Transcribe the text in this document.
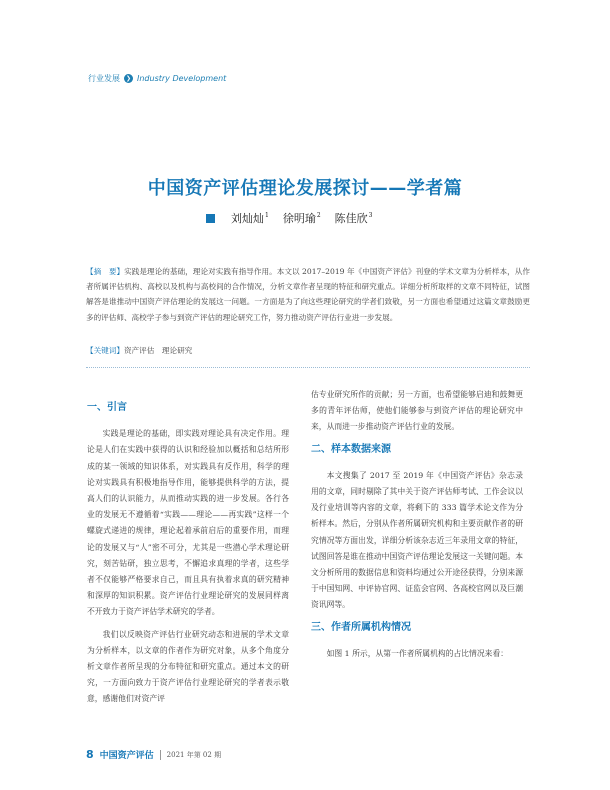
行业发展 ❯ Industry Development
中国资产评估理论发展探讨——学者篇
刘灿灿$^1$ 徐明瑜$^2$ 陈佳欣$^3$
【摘　要】实践是理论的基础，理论对实践有指导作用。本文以 2017–2019 年《中国资产评估》刊登的学术文章为分析样本，从作者所属评估机构、高校以及机构与高校间的合作情况，分析文章作者呈现的特征和研究重点。详细分析所取样的文章不同特征，试图解答是谁推动中国资产评估理论的发展这一问题。一方面是为了向这些理论研究的学者们致敬，另一方面也希望通过这篇文章鼓励更多的评估师、高校学子参与到资产评估的理论研究工作，努力推动资产评估行业进一步发展。
【关键词】资产评估　理论研究
一、引言

实践是理论的基础，即实践对理论具有决定作用。理论是人们在实践中获得的认识和经验加以概括和总结所形成的某一领域的知识体系，对实践具有反作用，科学的理论对实践具有积极地指导作用，能够提供科学的方法，提高人们的认识能力，从而推动实践的进一步发展。各行各业的发展无不遵循着“实践——理论——再实践”这样一个螺旋式递进的规律，理论起着承前启后的重要作用，而理论的发展又与“人”密不可分，尤其是一些潜心学术理论研究，刻苦钻研，独立思考，不懈追求真理的学者，这些学者不仅能够严格要求自己，而且具有执着求真的研究精神和深厚的知识积累。资产评估行业理论研究的发展同样离不开致力于资产评估学术研究的学者。

我们以反映资产评估行业研究动态和进展的学术文章为分析样本，以文章的作者作为研究对象，从多个角度分析文章作者所呈现的分布特征和研究重点。通过本文的研究，一方面向致力于资产评估行业理论研究的学者表示敬意，感谢他们对资产评

估专业研究所作的贡献；另一方面，也希望能够启迪和鼓舞更多的青年评估师，使他们能够参与到资产评估的理论研究中来，从而进一步推动资产评估行业的发展。

二、样本数据来源

本文搜集了 2017 至 2019 年《中国资产评估》杂志录用的文章，同时剔除了其中关于资产评估师考试、工作会议以及行业培训等内容的文章，将剩下的 333 篇学术论文作为分析样本。然后，分别从作者所属研究机构和主要贡献作者的研究情况等方面出发，详细分析该杂志近三年录用文章的特征，试图回答是谁在推动中国资产评估理论发展这一关键问题。本文分析所用的数据信息和资料均通过公开途径获得，分别来源于中国知网、中评协官网、证监会官网、各高校官网以及巨潮资讯网等。

三、作者所属机构情况

如图 1 所示，从第一作者所属机构的占比情况来看：

8 中国资产评估 2021 年第 02 期
